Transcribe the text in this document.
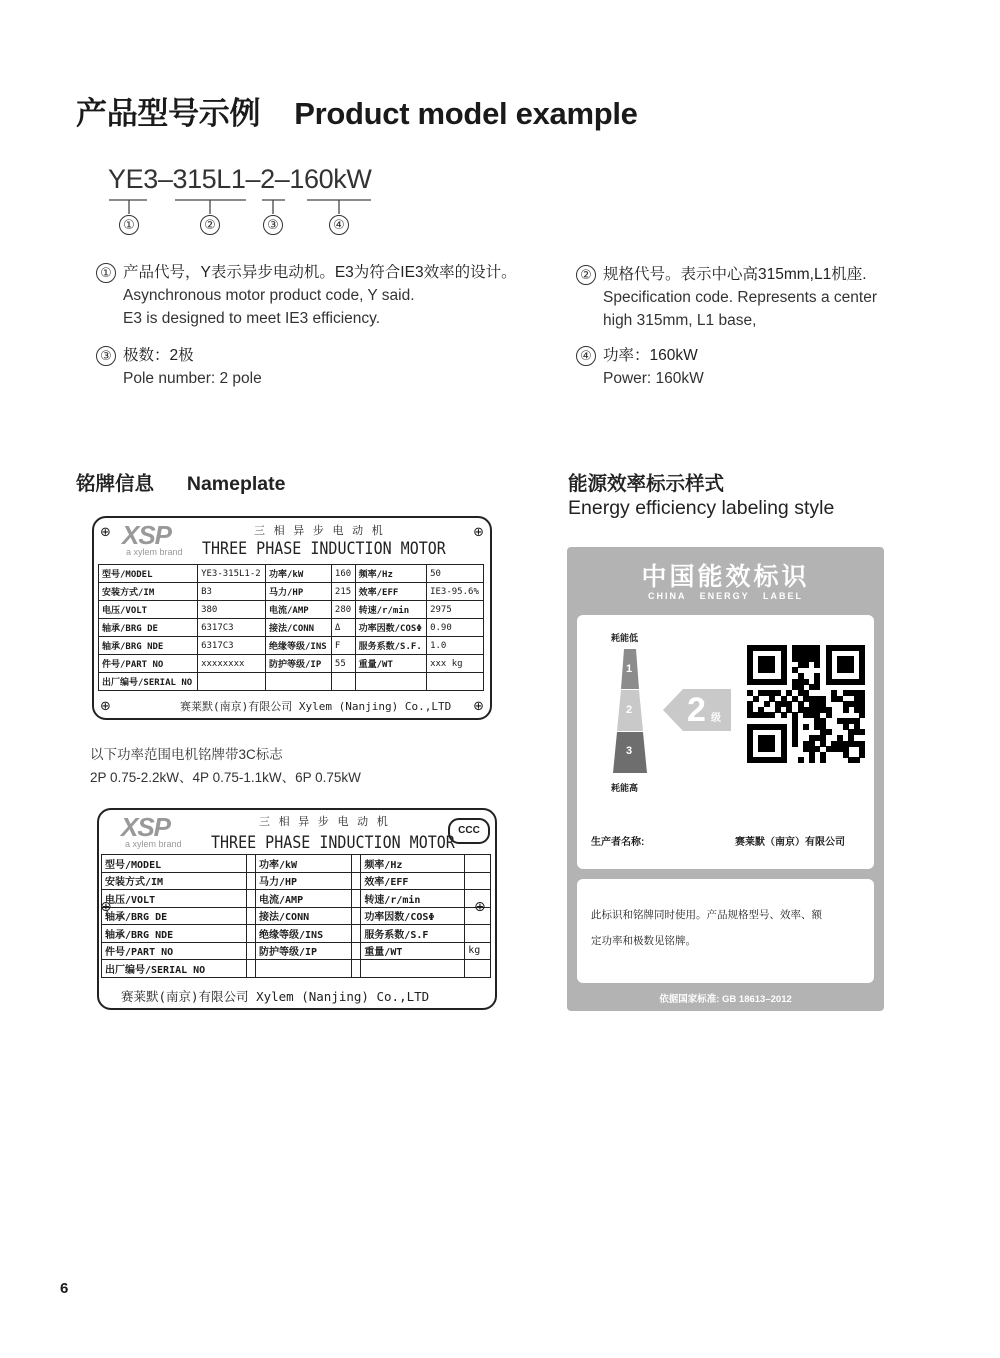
产品型号示例 Product model example
YE3–315L1–2–160kW
①	②	③	④
① 产品代号，Y表示异步电动机。E3为符合IE3效率的设计。
Asynchronous motor product code, Y said.
E3 is designed to meet IE3 efficiency.
② 规格代号。表示中心高315mm,L1机座.
Specification code. Represents a center
high 315mm, L1 base,
③ 极数：2极
Pole number: 2 pole
④ 功率：160kW
Power: 160kW
铭牌信息 Nameplate
XSP
a xylem brand
三 相 异 步 电 动 机
THREE PHASE INDUCTION MOTOR
⊕	⊕
⊕	⊕
型号/MODEL	YE3-315L1-2	功率/kW	160	频率/Hz	50
安装方式/IM	B3	马力/HP	215	效率/EFF	IE3-95.6%
电压/VOLT	380	电流/AMP	280	转速/r/min	2975
轴承/BRG DE	6317C3	接法/CONN	Δ	功率因数/COSΦ	0.90
轴承/BRG NDE	6317C3	绝缘等级/INS	F	服务系数/S.F.	1.0
件号/PART NO	xxxxxxxx	防护等级/IP	55	重量/WT	xxx kg
出厂编号/SERIAL NO					
赛莱默(南京)有限公司 Xylem (Nanjing) Co.,LTD
以下功率范围电机铭牌带3C标志
2P 0.75-2.2kW、4P 0.75-1.1kW、6P 0.75kW
XSP
a xylem brand
三 相 异 步 电 动 机
THREE PHASE INDUCTION MOTOR
CCC
型号/MODEL		功率/kW		频率/Hz	
安装方式/IM		马力/HP		效率/EFF	
电压/VOLT		电流/AMP		转速/r/min	
轴承/BRG DE		接法/CONN		功率因数/COSΦ	
轴承/BRG NDE		绝缘等级/INS		服务系数/S.F	
件号/PART NO		防护等级/IP		重量/WT	kg
出厂编号/SERIAL NO					
赛莱默(南京)有限公司 Xylem (Nanjing) Co.,LTD
⊕	⊕
能源效率标示样式
Energy efficiency labeling style
中国能效标识
CHINA   ENERGY   LABEL
耗能低
1
2
3
耗能高
2 级
生产者名称:	赛莱默（南京）有限公司
此标识和铭牌同时使用。产品规格型号、效率、额
定功率和极数见铭牌。
依据国家标准: GB 18613–2012
6
